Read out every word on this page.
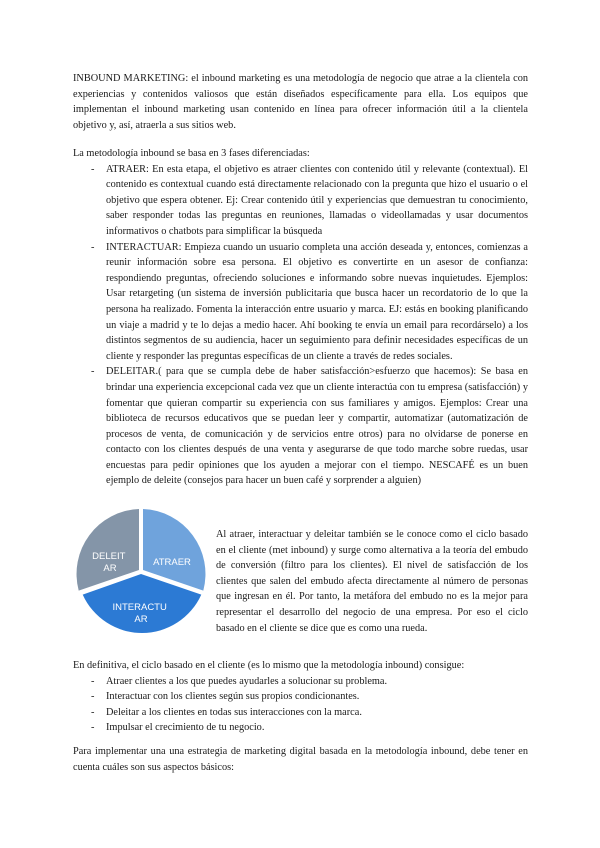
INBOUND MARKETING: el inbound marketing es una metodología de negocio que atrae a la clientela con experiencias y contenidos valiosos que están diseñados específicamente para ella. Los equipos que implementan el inbound marketing usan contenido en línea para ofrecer información útil a la clientela objetivo y, así, atraerla a sus sitios web.

La metodología inbound se basa en 3 fases diferenciadas:
- ATRAER: En esta etapa, el objetivo es atraer clientes con contenido útil y relevante (contextual). El contenido es contextual cuando está directamente relacionado con la pregunta que hizo el usuario o el objetivo que espera obtener. Ej: Crear contenido útil y experiencias que demuestran tu conocimiento, saber responder todas las preguntas en reuniones, llamadas o videollamadas y usar documentos informativos o chatbots para simplificar la búsqueda
- INTERACTUAR: Empieza cuando un usuario completa una acción deseada y, entonces, comienzas a reunir información sobre esa persona. El objetivo es convertirte en un asesor de confianza: respondiendo preguntas, ofreciendo soluciones e informando sobre nuevas inquietudes. Ejemplos: Usar retargeting (un sistema de inversión publicitaria que busca hacer un recordatorio de lo que la persona ha realizado. Fomenta la interacción entre usuario y marca. EJ: estás en booking planificando un viaje a madrid y te lo dejas a medio hacer. Ahí booking te envía un email para recordárselo) a los distintos segmentos de su audiencia, hacer un seguimiento para definir necesidades específicas de un cliente y responder las preguntas específicas de un cliente a través de redes sociales.
- DELEITAR.( para que se cumpla debe de haber satisfacción>esfuerzo que hacemos): Se basa en brindar una experiencia excepcional cada vez que un cliente interactúa con tu empresa (satisfacción) y fomentar que quieran compartir su experiencia con sus familiares y amigos. Ejemplos: Crear una biblioteca de recursos educativos que se puedan leer y compartir, automatizar (automatización de procesos de venta, de comunicación y de servicios entre otros) para no olvidarse de ponerse en contacto con los clientes después de una venta y asegurarse de que todo marche sobre ruedas, usar encuestas para pedir opiniones que los ayuden a mejorar con el tiempo. NESCAFÉ es un buen ejemplo de deleite (consejos para hacer un buen café y sorprender a alguien)
ATRAER
INTERACTU AR
DELEIT AR

Al atraer, interactuar y deleitar también se le conoce como el ciclo basado en el cliente (met inbound) y surge como alternativa a la teoría del embudo de conversión (filtro para los clientes). El nivel de satisfacción de los clientes que salen del embudo afecta directamente al número de personas que ingresan en él. Por tanto, la metáfora del embudo no es la mejor para representar el desarrollo del negocio de una empresa. Por eso el ciclo basado en el cliente se dice que es como una rueda.

En definitiva, el ciclo basado en el cliente (es lo mismo que la metodología inbound) consigue:
- Atraer clientes a los que puedes ayudarles a solucionar su problema.
- Interactuar con los clientes según sus propios condicionantes.
- Deleitar a los clientes en todas sus interacciones con la marca.
- Impulsar el crecimiento de tu negocio.

Para implementar una una estrategia de marketing digital basada en la metodología inbound, debe tener en cuenta cuáles son sus aspectos básicos:
